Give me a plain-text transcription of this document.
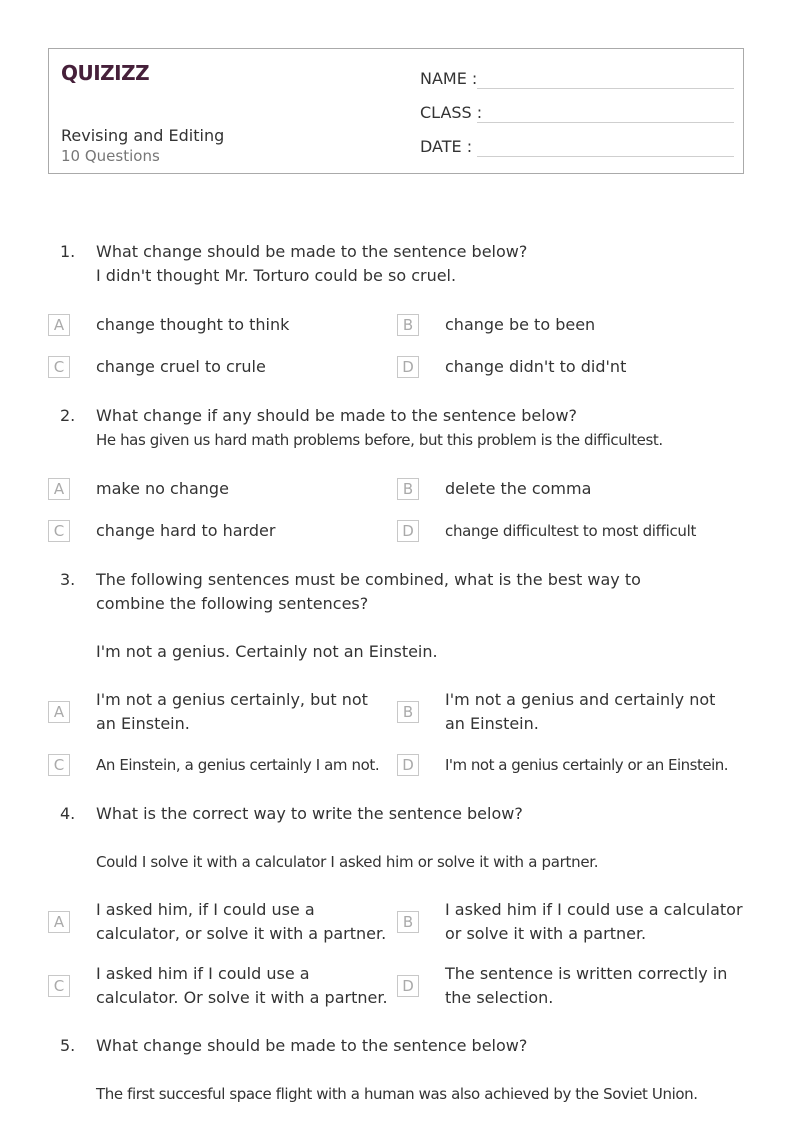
QUIZIZZ
Revising and Editing
10 Questions
NAME :
CLASS :
DATE :
1.	What change should be made to the sentence below?
I didn't thought Mr. Torturo could be so cruel.
A	change thought to think	B	change be to been
C	change cruel to crule	D	change didn't to did'nt
2.	What change if any should be made to the sentence below?
He has given us hard math problems before, but this problem is the difficultest.
A	make no change	B	delete the comma
C	change hard to harder	D	change difficultest to most difficult
3.	The following sentences must be combined, what is the best way to combine the following sentences?
I'm not a genius. Certainly not an Einstein.
A
I'm not a genius certainly, but not an Einstein.
B
I'm not a genius and certainly not an Einstein.
C	An Einstein, a genius certainly I am not.	D	I'm not a genius certainly or an Einstein.
4.	What is the correct way to write the sentence below?
Could I solve it with a calculator I asked him or solve it with a partner.
A
I asked him, if I could use a calculator, or solve it with a partner.
B
I asked him if I could use a calculator or solve it with a partner.
C
I asked him if I could use a calculator. Or solve it with a partner.
D
The sentence is written correctly in the selection.
5.	What change should be made to the sentence below?
The first succesful space flight with a human was also achieved by the Soviet Union.
